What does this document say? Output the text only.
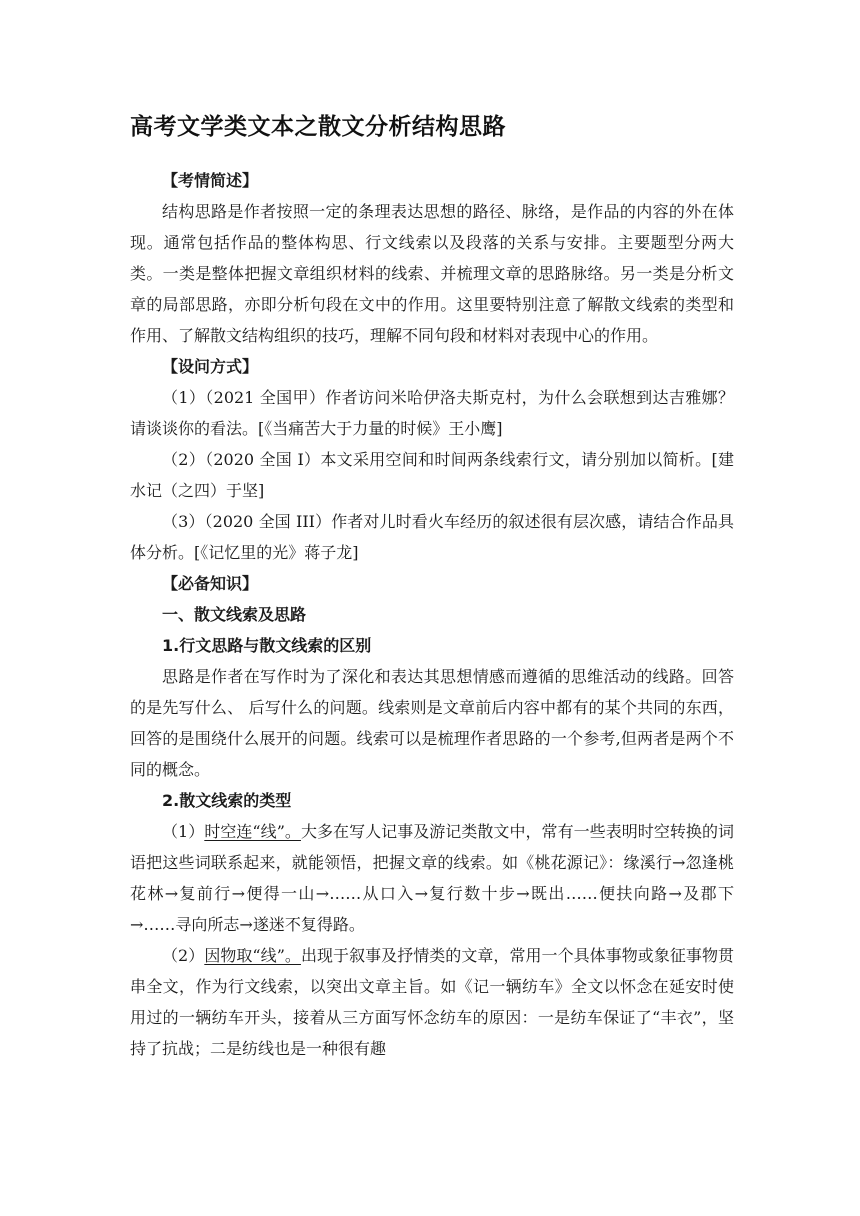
高考文学类文本之散文分析结构思路

【考情简述】

结构思路是作者按照一定的条理表达思想的路径、脉络，是作品的内容的外在体现。通常包括作品的整体构思、行文线索以及段落的关系与安排。主要题型分两大类。一类是整体把握文章组织材料的线索、并梳理文章的思路脉络。另一类是分析文章的局部思路，亦即分析句段在文中的作用。这里要特别注意了解散文线索的类型和作用、了解散文结构组织的技巧，理解不同句段和材料对表现中心的作用。

【设问方式】

（1）（2021 全国甲）作者访问米哈伊洛夫斯克村，为什么会联想到达吉雅娜？请谈谈你的看法。[《当痛苦大于力量的时候》王小鹰]

（2）（2020 全国 I）本文采用空间和时间两条线索行文，请分别加以简析。[建水记（之四）于坚]

（3）（2020 全国 III）作者对儿时看火车经历的叙述很有层次感，请结合作品具体分析。[《记忆里的光》蒋子龙]

【必备知识】

一、散文线索及思路

1.行文思路与散文线索的区别

思路是作者在写作时为了深化和表达其思想情感而遵循的思维活动的线路。回答的是先写什么、 后写什么的问题。线索则是文章前后内容中都有的某个共同的东西，回答的是围绕什么展开的问题。线索可以是梳理作者思路的一个参考,但两者是两个不同的概念。

2.散文线索的类型

（1）时空连“线”。大多在写人记事及游记类散文中，常有一些表明时空转换的词语把这些词联系起来，就能领悟，把握文章的线索。如《桃花源记》：缘溪行→忽逢桃花林→复前行→便得一山→……从口入→复行数十步→既出……便扶向路→及郡下→……寻向所志→遂迷不复得路。

（2）因物取“线”。出现于叙事及抒情类的文章，常用一个具体事物或象征事物贯串全文，作为行文线索，以突出文章主旨。如《记一辆纺车》全文以怀念在延安时使用过的一辆纺车开头，接着从三方面写怀念纺车的原因：一是纺车保证了“丰衣”，坚持了抗战；二是纺线也是一种很有趣
